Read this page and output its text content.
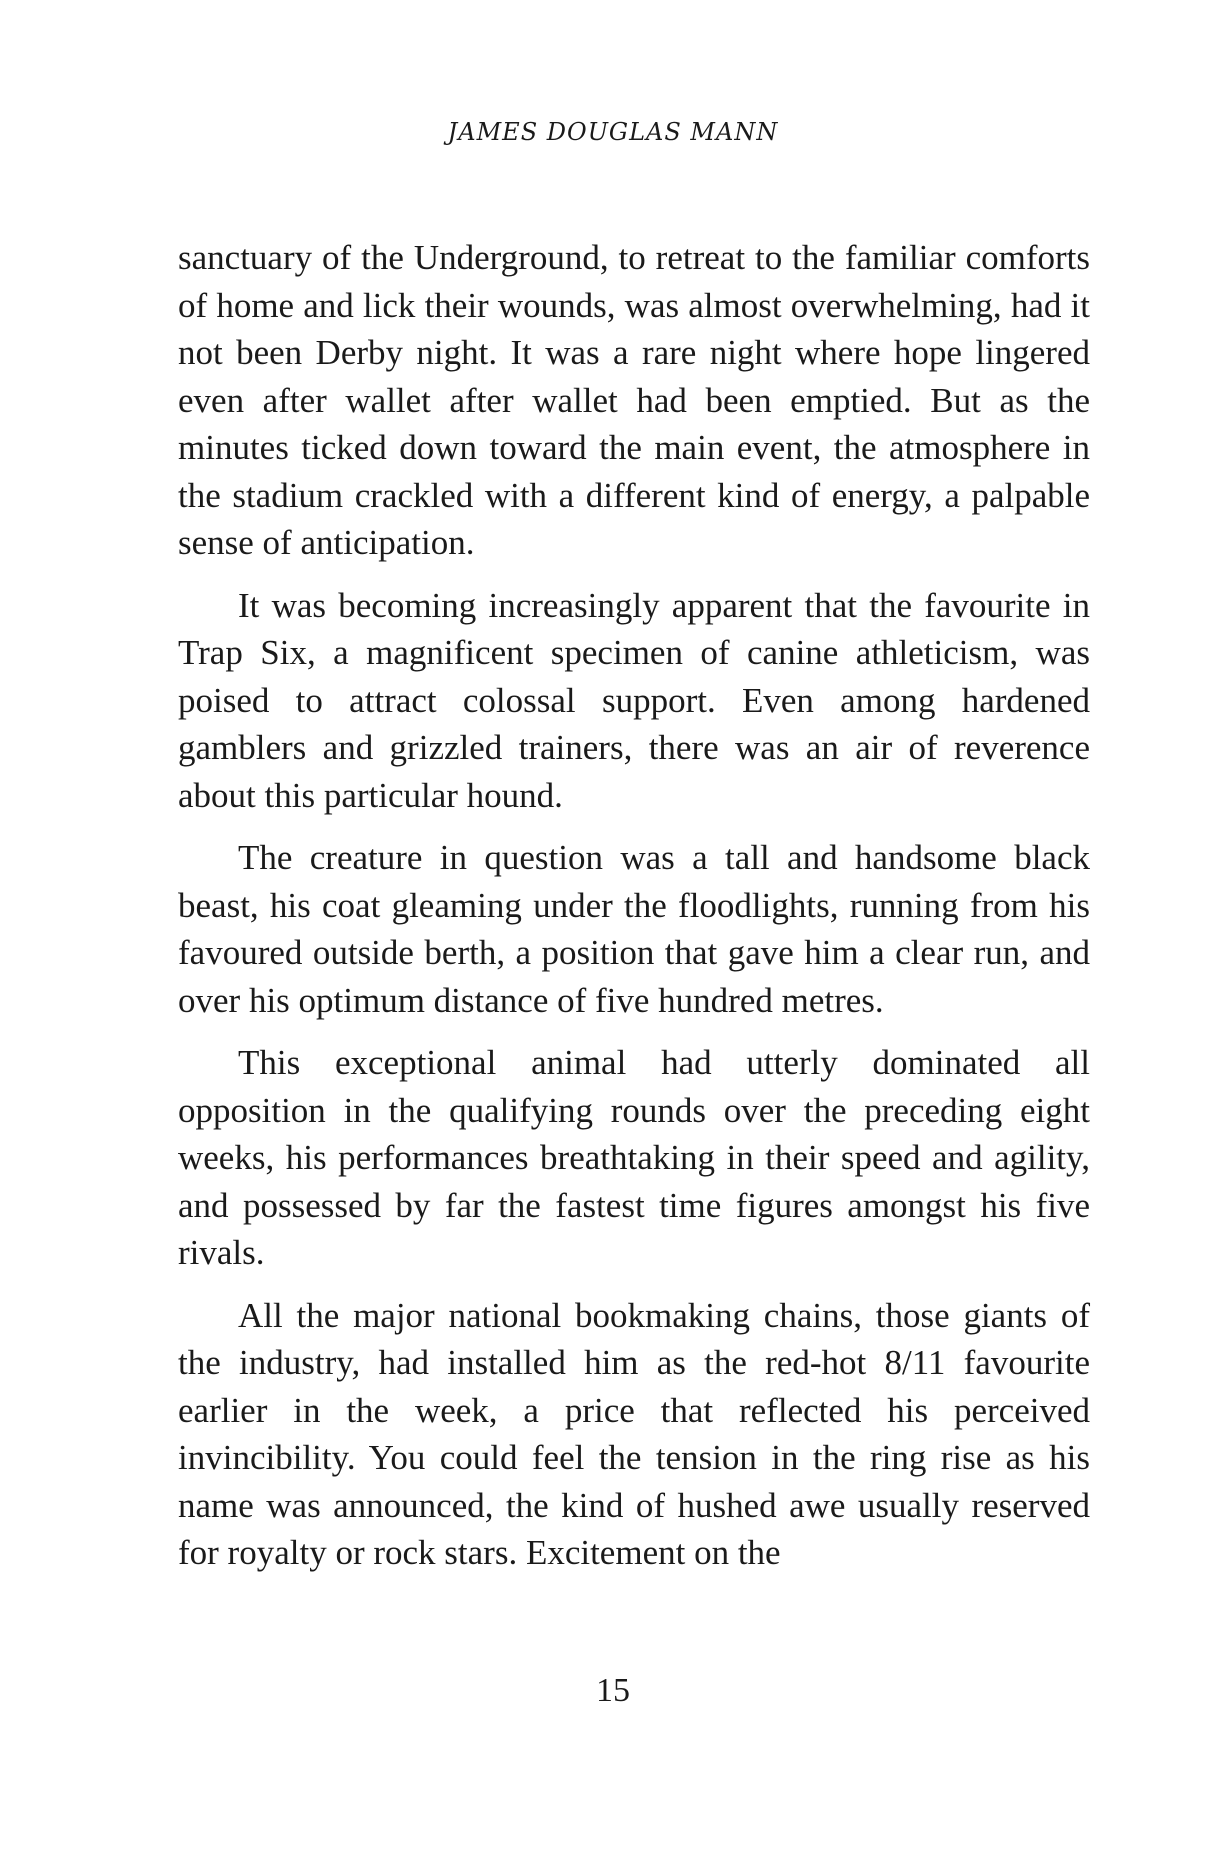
JAMES DOUGLAS MANN

sanctuary of the Underground, to retreat to the familiar comforts of home and lick their wounds, was almost overwhelming, had it not been Derby night. It was a rare night where hope lingered even after wallet after wallet had been emptied. But as the minutes ticked down toward the main event, the atmosphere in the stadium crackled with a different kind of energy, a palpable sense of anticipation.

It was becoming increasingly apparent that the favourite in Trap Six, a magnificent specimen of canine athleticism, was poised to attract colossal support. Even among hardened gamblers and grizzled trainers, there was an air of reverence about this particular hound.

The creature in question was a tall and handsome black beast, his coat gleaming under the floodlights, running from his favoured outside berth, a position that gave him a clear run, and over his optimum distance of five hundred metres.

This exceptional animal had utterly dominated all opposition in the qualifying rounds over the preceding eight weeks, his performances breathtaking in their speed and agility, and possessed by far the fastest time figures amongst his five rivals.

All the major national bookmaking chains, those giants of the industry, had installed him as the red-hot 8/11 favourite earlier in the week, a price that reflected his perceived invincibility. You could feel the tension in the ring rise as his name was announced, the kind of hushed awe usually reserved for royalty or rock stars. Excitement on the

15
